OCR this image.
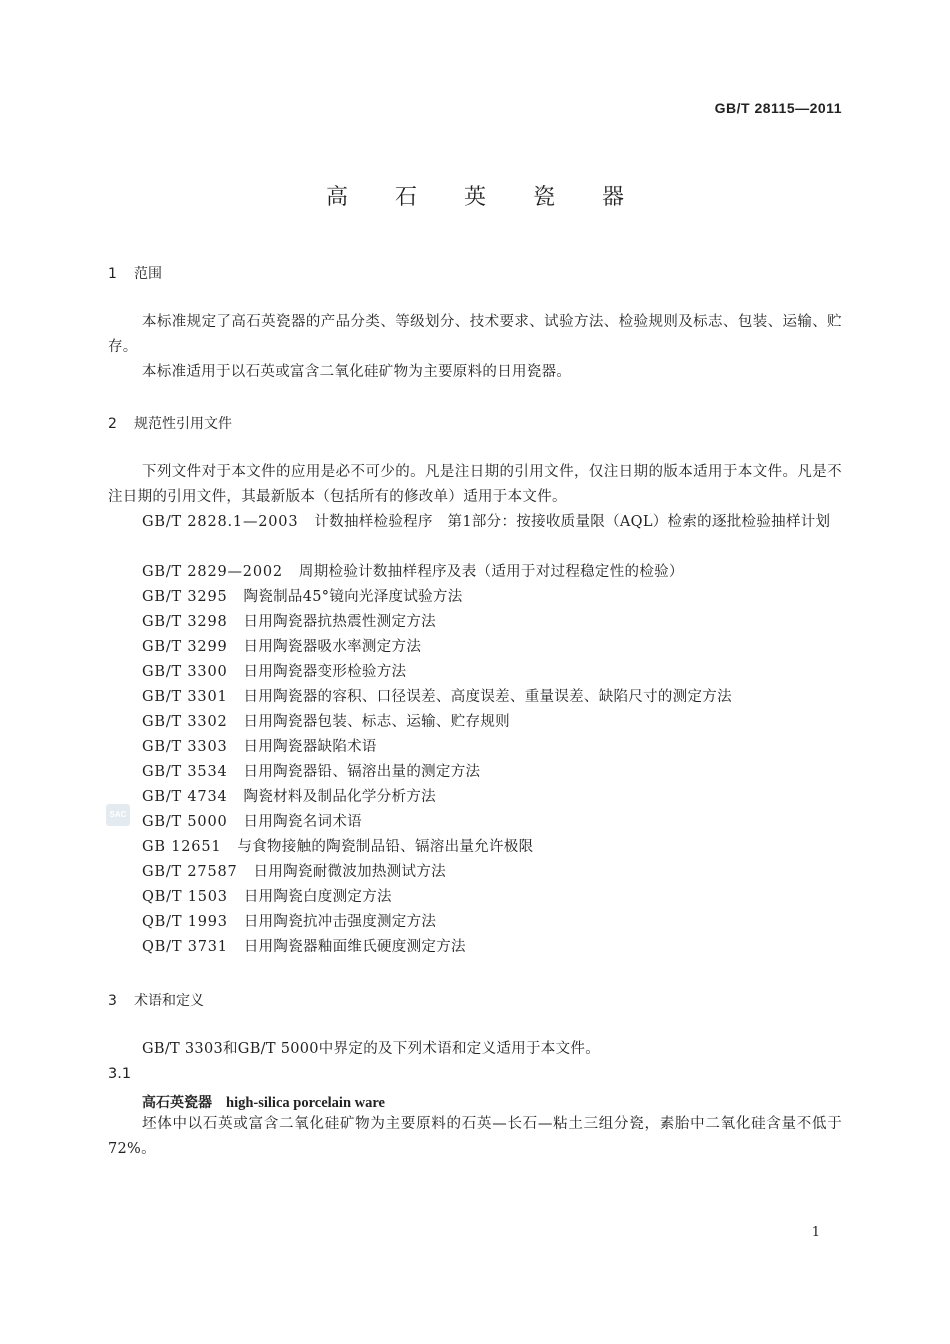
GB/T 28115—2011
高 石 英 瓷 器
1 范围
本标准规定了高石英瓷器的产品分类、等级划分、技术要求、试验方法、检验规则及标志、包装、运输、贮存。
本标准适用于以石英或富含二氧化硅矿物为主要原料的日用瓷器。
2 规范性引用文件
下列文件对于本文件的应用是必不可少的。凡是注日期的引用文件，仅注日期的版本适用于本文件。凡是不注日期的引用文件，其最新版本（包括所有的修改单）适用于本文件。
GB/T 2828.1—2003 计数抽样检验程序　第1部分：按接收质量限（AQL）检索的逐批检验抽样计划
GB/T 2829—2002 周期检验计数抽样程序及表（适用于对过程稳定性的检验）
GB/T 3295 陶瓷制品45°镜向光泽度试验方法
GB/T 3298 日用陶瓷器抗热震性测定方法
GB/T 3299 日用陶瓷器吸水率测定方法
GB/T 3300 日用陶瓷器变形检验方法
GB/T 3301 日用陶瓷器的容积、口径误差、高度误差、重量误差、缺陷尺寸的测定方法
GB/T 3302 日用陶瓷器包装、标志、运输、贮存规则
GB/T 3303 日用陶瓷器缺陷术语
GB/T 3534 日用陶瓷器铅、镉溶出量的测定方法
GB/T 4734 陶瓷材料及制品化学分析方法
GB/T 5000 日用陶瓷名词术语
GB 12651 与食物接触的陶瓷制品铅、镉溶出量允许极限
GB/T 27587 日用陶瓷耐微波加热测试方法
QB/T 1503 日用陶瓷白度测定方法
QB/T 1993 日用陶瓷抗冲击强度测定方法
QB/T 3731 日用陶瓷器釉面维氏硬度测定方法
3 术语和定义
GB/T 3303和GB/T 5000中界定的及下列术语和定义适用于本文件。
3.1
高石英瓷器 high-silica porcelain ware
坯体中以石英或富含二氧化硅矿物为主要原料的石英—长石—粘土三组分瓷，素胎中二氧化硅含量不低于72%。
SAC
1
